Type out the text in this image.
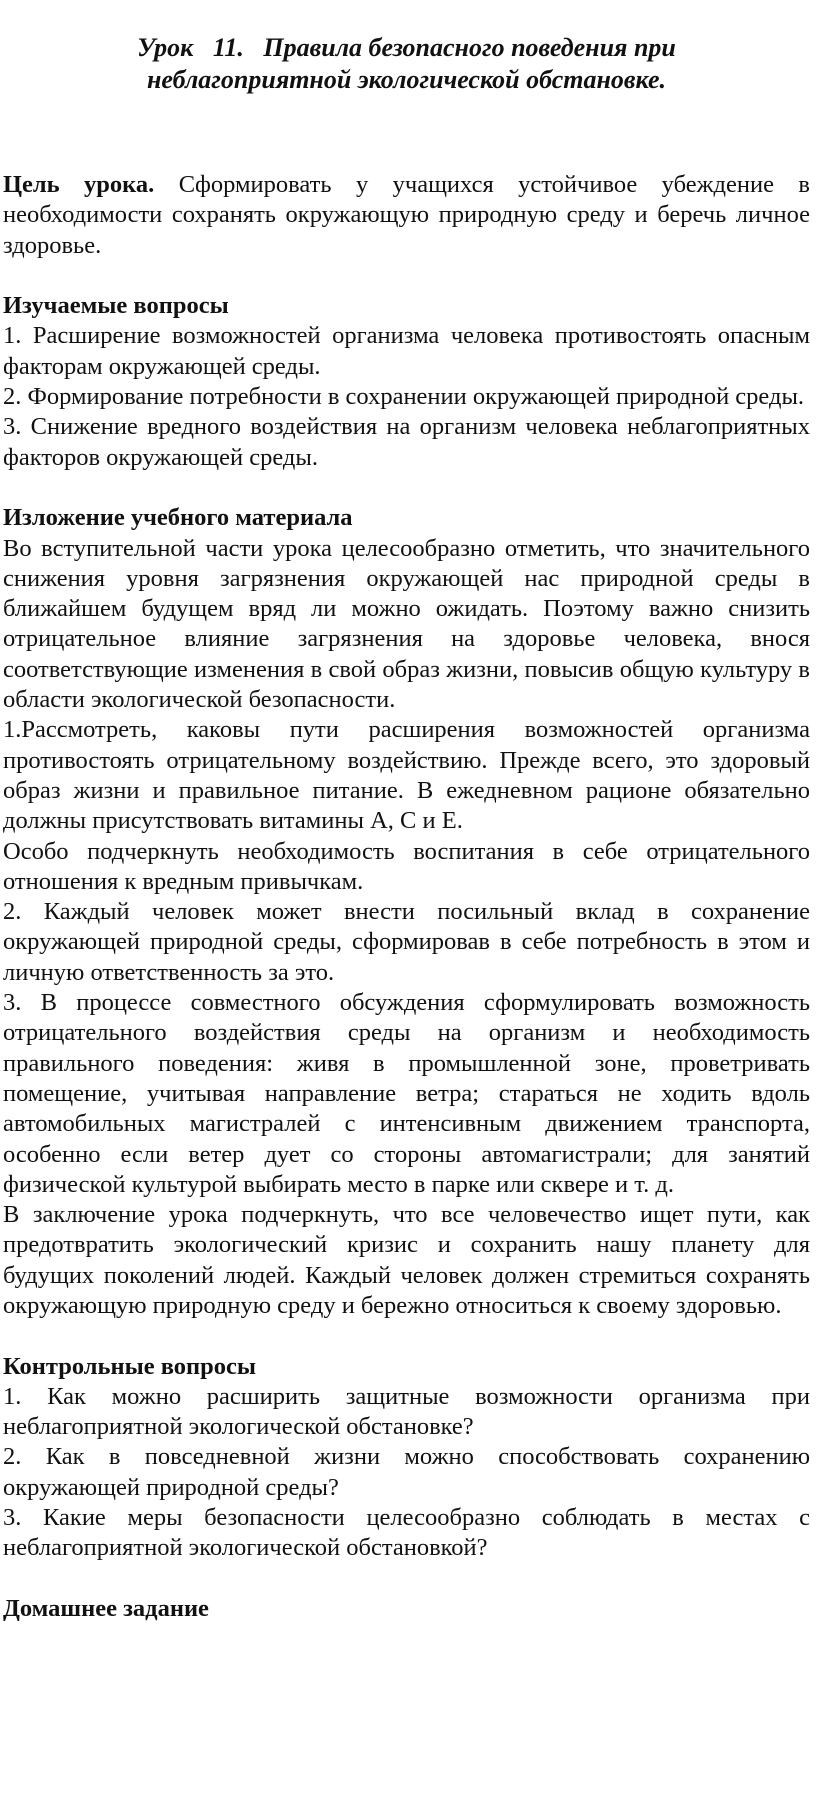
Урок   11.   Правила безопасного поведения при
неблагоприятной экологической обстановке.

Цель урока. Сформировать у учащихся устойчивое убеждение в необходимости сохранять окружающую природную среду и беречь личное здоровье.

Изучаемые вопросы

1. Расширение возможностей организма человека противостоять опасным факторам окружающей среды.

2. Формирование потребности в сохранении окружающей природной среды.

3. Снижение вредного воздействия на организм человека неблагоприятных факторов окружающей среды.

Изложение учебного материала

Во вступительной части урока целесообразно отметить, что значительного снижения уровня загрязнения окружающей нас природной среды в ближайшем будущем вряд ли можно ожидать. Поэтому важно снизить отрицательное влияние загрязнения на здоровье человека, внося соответствующие изменения в свой образ жизни, повысив общую культуру в области экологической безопасности.

1.Рассмотреть, каковы пути расширения возможностей организма противостоять отрицательному воздействию. Прежде всего, это здоровый образ жизни и правильное питание. В ежедневном рационе обязательно должны присутствовать витамины А, С и Е.

Особо подчеркнуть необходимость воспитания в себе отрицательного отношения к вредным привычкам.

2. Каждый человек может внести посильный вклад в сохранение окружающей природной среды, сформировав в себе потребность в этом и личную ответственность за это.

3. В процессе совместного обсуждения сформулировать возможность отрицательного воздействия среды на организм и необходимость правильного поведения: живя в промышленной зоне, проветривать помещение, учитывая направление ветра; стараться не ходить вдоль автомобильных магистралей с интенсивным движением транспорта, особенно если ветер дует со стороны автомагистрали; для занятий физической культурой выбирать место в парке или сквере и т. д.

В заключение урока подчеркнуть, что все человечество ищет пути, как предотвратить экологический кризис и сохранить нашу планету для будущих поколений людей. Каждый человек должен стремиться сохранять окружающую природную среду и бережно относиться к своему здоровью.

Контрольные вопросы

1. Как можно расширить защитные возможности организма при неблагоприятной экологической обстановке?

2. Как в повседневной жизни можно способствовать сохранению окружающей природной среды?

3. Какие меры безопасности целесообразно соблюдать в местах с неблагоприятной экологической обстановкой?

Домашнее задание
